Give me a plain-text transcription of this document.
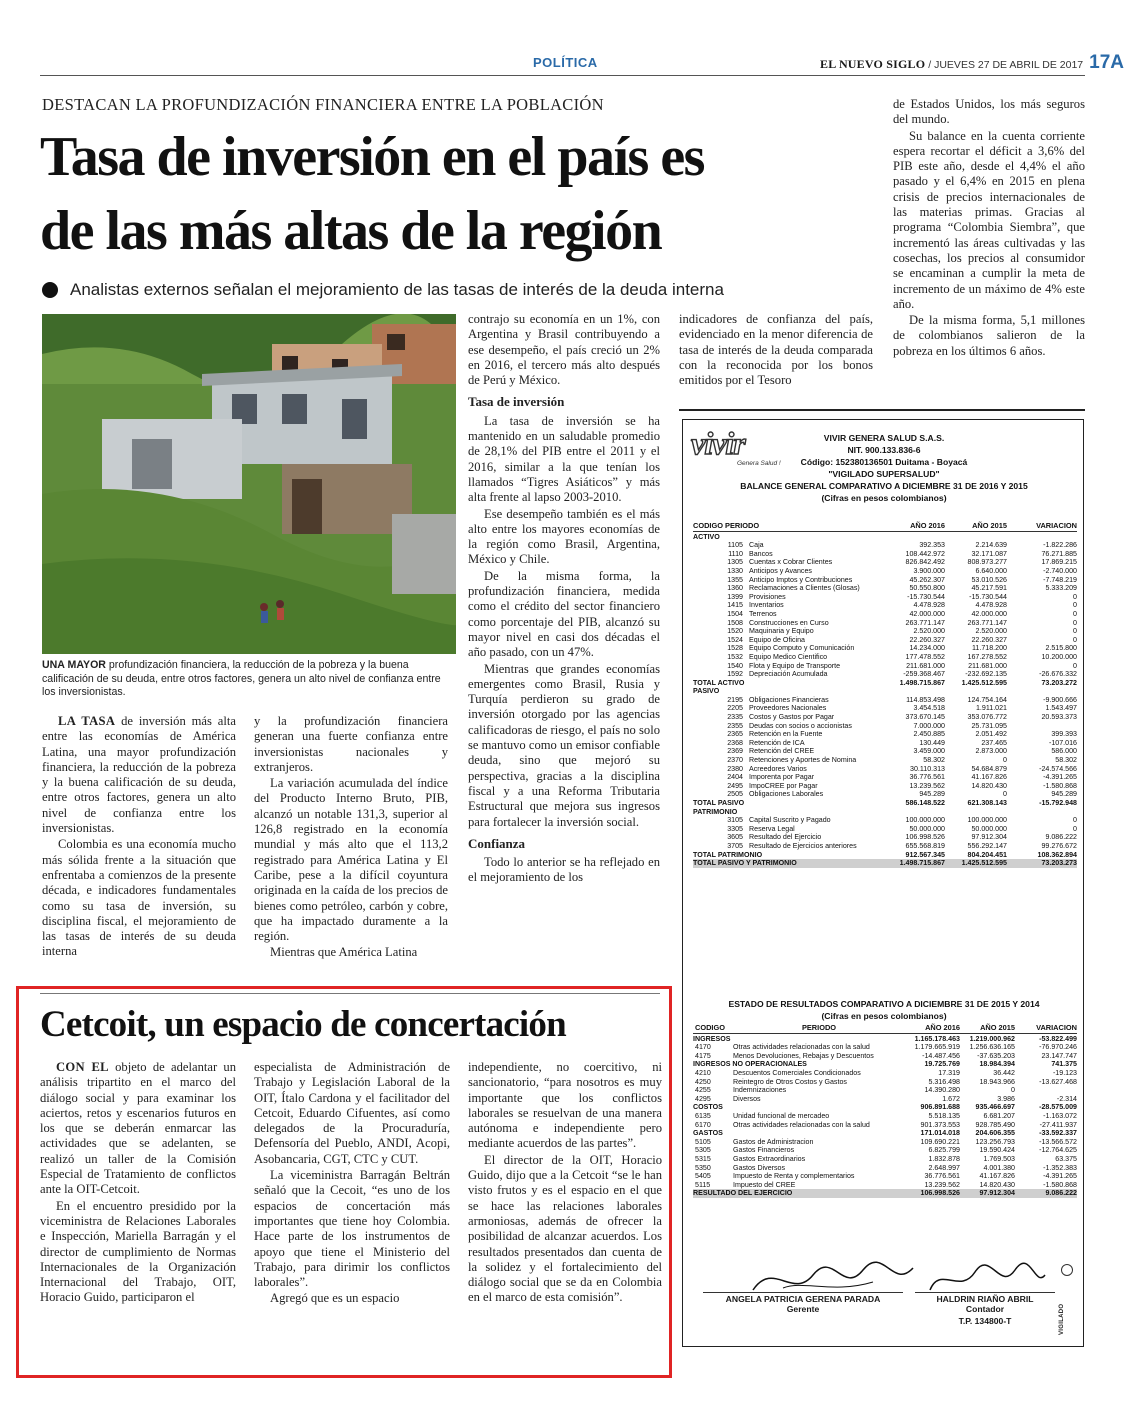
POLÍTICA	EL NUEVO SIGLO / JUEVES 27 DE ABRIL DE 2017 17A
DESTACAN LA PROFUNDIZACIÓN FINANCIERA ENTRE LA POBLACIÓN
Tasa de inversión en el país es
de las más altas de la región
Analistas externos señalan el mejoramiento de las tasas de interés de la deuda interna
UNA MAYOR profundización financiera, la reducción de la pobreza y la buena calificación de su deuda, entre otros factores, genera un alto nivel de confianza entre los inversionistas.

LA TASA de inversión más alta entre las economías de América Latina, una mayor profundización financiera, la reducción de la pobreza y la buena calificación de su deuda, entre otros factores, genera un alto nivel de confianza entre los inversionistas.

Colombia es una economía mucho más sólida frente a la situación que enfrentaba a comienzos de la presente década, e indicadores fundamentales como su tasa de inversión, su disciplina fiscal, el mejoramiento de las tasas de interés de su deuda interna

y la profundización financiera generan una fuerte confianza entre inversionistas nacionales y extranjeros.

La variación acumulada del índice del Producto Interno Bruto, PIB, alcanzó un notable 131,3, superior al 126,8 registrado en la economía mundial y más alto que el 113,2 registrado para América Latina y El Caribe, pese a la difícil coyuntura originada en la caída de los precios de bienes como petróleo, carbón y cobre, que ha impactado duramente a la región.

Mientras que América Latina

contrajo su economía en un 1%, con Argentina y Brasil contribuyendo a ese desempeño, el país creció un 2% en 2016, el tercero más alto después de Perú y México.

Tasa de inversión

La tasa de inversión se ha mantenido en un saludable promedio de 28,1% del PIB entre el 2011 y el 2016, similar a la que tenían los llamados “Tigres Asiáticos” y más alta frente al lapso 2003-2010.

Ese desempeño también es el más alto entre los mayores economías de la región como Brasil, Argentina, México y Chile.

De la misma forma, la profundización financiera, medida como el crédito del sector financiero como porcentaje del PIB, alcanzó su mayor nivel en casi dos décadas el año pasado, con un 47%.

Mientras que grandes economías emergentes como Brasil, Rusia y Turquía perdieron su grado de inversión otorgado por las agencias calificadoras de riesgo, el país no solo se mantuvo como un emisor confiable deuda, sino que mejoró su perspectiva, gracias a la disciplina fiscal y a una Reforma Tributaria Estructural que mejora sus ingresos para fortalecer la inversión social.

Confianza

Todo lo anterior se ha reflejado en el mejoramiento de los

indicadores de confianza del país, evidenciado en la menor diferencia de tasa de interés de la deuda comparada con la reconocida por los bonos emitidos por el Tesoro

de Estados Unidos, los más seguros del mundo.

Su balance en la cuenta corriente espera recortar el déficit a 3,6% del PIB este año, desde el 4,4% el año pasado y el 6,4% en 2015 en plena crisis de precios internacionales de las materias primas. Gracias al programa “Colombia Siembra”, que incrementó las áreas cultivadas y las cosechas, los precios al consumidor se encaminan a cumplir la meta de incremento de un máximo de 4% este año.

De la misma forma, 5,1 millones de colombianos salieron de la pobreza en los últimos 6 años.

Cetcoit, un espacio de concertación

CON EL objeto de adelantar un análisis tripartito en el marco del diálogo social y para examinar los aciertos, retos y escenarios futuros en los que se deberán enmarcar las actividades que se adelanten, se realizó un taller de la Comisión Especial de Tratamiento de conflictos ante la OIT-Cetcoit.

En el encuentro presidido por la viceministra de Relaciones Laborales e Inspección, Mariella Barragán y el director de cumplimiento de Normas Internacionales de la Organización Internacional del Trabajo, OIT, Horacio Guido, participaron el

especialista de Administración de Trabajo y Legislación Laboral de la OIT, Ítalo Cardona y el facilitador del Cetcoit, Eduardo Cifuentes, así como delegados de la Procuraduría, Defensoría del Pueblo, ANDI, Acopi, Asobancaria, CGT, CTC y CUT.

La viceministra Barragán Beltrán señaló que la Cecoit, “es uno de los espacios de concertación más importantes que tiene hoy Colombia. Hace parte de los instrumentos de apoyo que tiene el Ministerio del Trabajo, para dirimir los conflictos laborales”.

Agregó que es un espacio

independiente, no coercitivo, ni sancionatorio, “para nosotros es muy importante que los conflictos laborales se resuelvan de una manera autónoma e independiente pero mediante acuerdos de las partes”.

El director de la OIT, Horacio Guido, dijo que a la Cetcoit “se le han visto frutos y es el espacio en el que se hace las relaciones laborales armoniosas, además de ofrecer la posibilidad de alcanzar acuerdos. Los resultados presentados dan cuenta de la solidez y el fortalecimiento del diálogo social que se da en Colombia en el marco de esta comisión”.

vivir
Genera Salud !
VIVIR GENERA SALUD S.A.S.
NIT. 900.133.836-6
Código: 152380136501 Duitama - Boyacá
"VIGILADO SUPERSALUD"
BALANCE GENERAL COMPARATIVO A DICIEMBRE 31 DE 2016 Y 2015
(Cifras en pesos colombianos)
CODIGO PERIODO	AÑO 2016	AÑO 2015	VARIACION
ACTIVO
1105 Caja	392.353	2.214.639	-1.822.286
1110 Bancos	108.442.972	32.171.087	76.271.885
1305 Cuentas x Cobrar Clientes	826.842.492	808.973.277	17.869.215
1330 Anticipos y Avances	3.900.000	6.640.000	-2.740.000
1355 Anticipo Imptos y Contribuciones	45.262.307	53.010.526	-7.748.219
1360 Reclamaciones a Clientes (Glosas)	50.550.800	45.217.591	5.333.209
1399 Provisiones	-15.730.544	-15.730.544	0
1415 Inventarios	4.478.928	4.478.928	0
1504 Terrenos	42.000.000	42.000.000	0
1508 Construcciones en Curso	263.771.147	263.771.147	0
1520 Maquinaria y Equipo	2.520.000	2.520.000	0
1524 Equipo de Oficina	22.260.327	22.260.327	0
1528 Equipo Computo y Comunicación	14.234.000	11.718.200	2.515.800
1532 Equipo Medico Cientifico	177.478.552	167.278.552	10.200.000
1540 Flota y Equipo de Transporte	211.681.000	211.681.000	0
1592 Depreciación Acumulada	-259.368.467	-232.692.135	-26.676.332
TOTAL ACTIVO	1.498.715.867	1.425.512.595	73.203.272
PASIVO
2195 Obligaciones Financieras	114.853.498	124.754.164	-9.900.666
2205 Proveedores Nacionales	3.454.518	1.911.021	1.543.497
2335 Costos y Gastos por Pagar	373.670.145	353.076.772	20.593.373
2355 Deudas con socios o accionistas	7.000.000	25.731.095
2365 Retención en la Fuente	2.450.885	2.051.492	399.393
2368 Retención de ICA	130.449	237.465	-107.016
2369 Retención del CREE	3.459.000	2.873.000	586.000
2370 Retenciones y Aportes de Nomina	58.302	0	58.302
2380 Acreedores Varios	30.110.313	54.684.879	-24.574.566
2404 Imporenta por Pagar	36.776.561	41.167.826	-4.391.265
2495 ImpoCREE por Pagar	13.239.562	14.820.430	-1.580.868
2505 Obligaciones Laborales	945.289	0	945.289
TOTAL PASIVO	586.148.522	621.308.143	-15.792.948
PATRIMONIO
3105 Capital Suscrito y Pagado	100.000.000	100.000.000	0
3305 Reserva Legal	50.000.000	50.000.000	0
3605 Resultado del Ejercicio	106.998.526	97.912.304	9.086.222
3705 Resultado de Ejercicios anteriores	655.568.819	556.292.147	99.276.672
TOTAL PATRIMONIO	912.567.345	804.204.451	108.362.894
TOTAL PASIVO Y PATRIMONIO	1.498.715.867	1.425.512.595	73.203.273
ESTADO DE RESULTADOS COMPARATIVO A DICIEMBRE 31 DE 2015 Y 2014
(Cifras en pesos colombianos)
CODIGO	PERIODO	AÑO 2016	AÑO 2015	VARIACION
INGRESOS	1.165.178.463	1.219.000.962	-53.822.499
4170	Otras actividades relacionadas con la salud	1.179.665.919	1.256.636.165	-76.970.246
4175	Menos Devoluciones, Rebajas y Descuentos	-14.487.456	-37.635.203	23.147.747
INGRESOS NO OPERACIONALES	19.725.769	18.984.394	741.375
4210	Descuentos Comerciales Condicionados	17.319	36.442	-19.123
4250	Reintegro de Otros Costos y Gastos	5.316.498	18.943.966	-13.627.468
4255	Indemnizaciones	14.390.280	0
4295	Diversos	1.672	3.986	-2.314
COSTOS	906.891.688	935.466.697	-28.575.009
6135	Unidad funcional de mercadeo	5.518.135	6.681.207	-1.163.072
6170	Otras actividades relacionadas con la salud	901.373.553	928.785.490	-27.411.937
GASTOS	171.014.018	204.606.355	-33.592.337
5105	Gastos de Administracion	109.690.221	123.256.793	-13.566.572
5305	Gastos Financieros	6.825.799	19.590.424	-12.764.625
5315	Gastos Extraordinarios	1.832.878	1.769.503	63.375
5350	Gastos Diversos	2.648.997	4.001.380	-1.352.383
5405	Impuesto de Renta y complementarios	36.776.561	41.167.826	-4.391.265
5115	Impuesto del CREE	13.239.562	14.820.430	-1.580.868
RESULTADO DEL EJERCICIO	106.998.526	97.912.304	9.086.222
ANGELA PATRICIA GERENA PARADA
Gerente
HALDRIN RIAÑO ABRIL
Contador
T.P. 134800-T	VIGILADO
